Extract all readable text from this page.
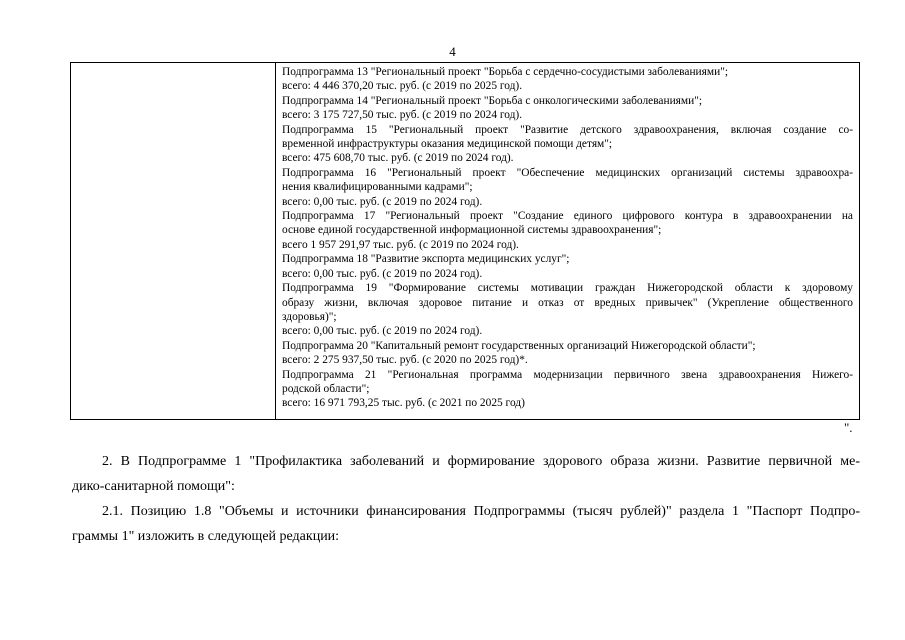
4
Подпрограмма 13 "Региональный проект "Борьба с сердечно-сосудистыми заболеваниями";
всего: 4 446 370,20 тыс. руб. (с 2019 по 2025 год).
Подпрограмма 14 "Региональный проект "Борьба с онкологическими заболеваниями";
всего: 3 175 727,50 тыс. руб. (с 2019 по 2024 год).
Подпрограмма 15 "Региональный проект "Развитие детского здравоохранения, включая создание со-
временной инфраструктуры оказания медицинской помощи детям";
всего: 475 608,70 тыс. руб. (с 2019 по 2024 год).
Подпрограмма 16 "Региональный проект "Обеспечение медицинских организаций системы здравоохра-
нения квалифицированными кадрами";
всего: 0,00 тыс. руб. (с 2019 по 2024 год).
Подпрограмма 17 "Региональный проект "Создание единого цифрового контура в здравоохранении на
основе единой государственной информационной системы здравоохранения";
всего 1 957 291,97 тыс. руб. (с 2019 по 2024 год).
Подпрограмма 18 "Развитие экспорта медицинских услуг";
всего: 0,00 тыс. руб. (с 2019 по 2024 год).
Подпрограмма 19 "Формирование системы мотивации граждан Нижегородской области к здоровому
образу жизни, включая здоровое питание и отказ от вредных привычек" (Укрепление общественного
здоровья)";
всего: 0,00 тыс. руб. (с 2019 по 2024 год).
Подпрограмма 20 "Капитальный ремонт государственных организаций Нижегородской области";
всего: 2 275 937,50 тыс. руб. (с 2020 по 2025 год)*.
Подпрограмма 21 "Региональная программа модернизации первичного звена здравоохранения Нижего-
родской области";
всего: 16 971 793,25 тыс. руб. (с 2021 по 2025 год)
".
2. В Подпрограмме 1 "Профилактика заболеваний и формирование здорового образа жизни. Развитие первичной ме-
дико-санитарной помощи":
2.1. Позицию 1.8 "Объемы и источники финансирования Подпрограммы (тысяч рублей)" раздела 1 "Паспорт Подпро-
граммы 1" изложить в следующей редакции:
